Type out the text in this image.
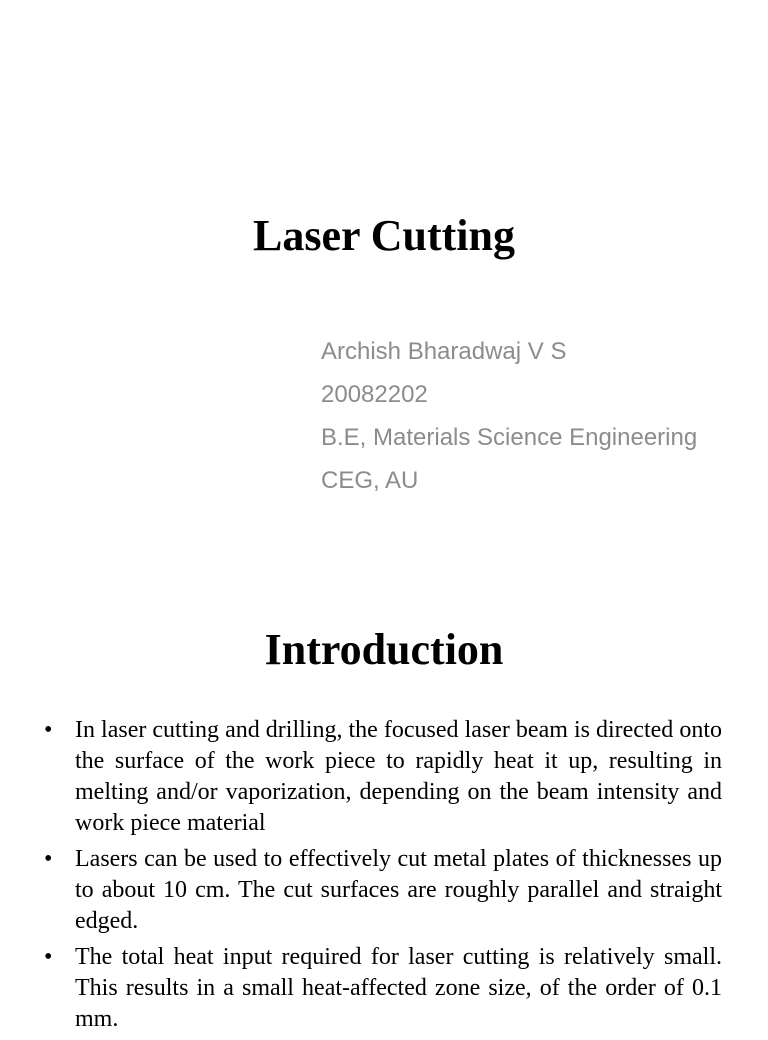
Laser Cutting
Archish Bharadwaj V S
20082202
B.E, Materials Science Engineering
CEG, AU
Introduction
• In laser cutting and drilling, the focused laser beam is directed onto the surface of the work piece to rapidly heat it up, resulting in melting and/or vaporization, depending on the beam intensity and work piece material
• Lasers can be used to effectively cut metal plates of thicknesses up to about 10 cm. The cut surfaces are roughly parallel and straight edged.
• The total heat input required for laser cutting is relatively small. This results in a small heat-affected zone size, of the order of 0.1 mm.
